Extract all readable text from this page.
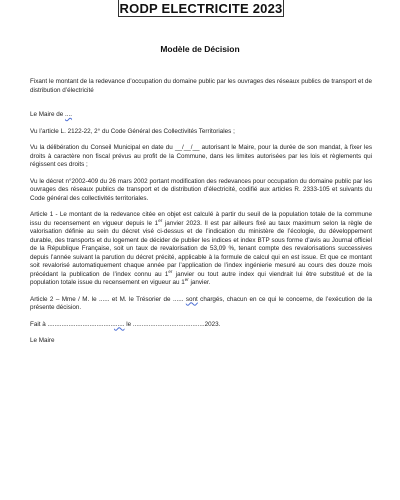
RODP ELECTRICITE 2023
Modèle de Décision

Fixant le montant de la redevance d’occupation du domaine public par les ouvrages des réseaux publics de transport et de distribution d’électricité

Le Maire de ....

Vu l’article L. 2122-22, 2° du Code Général des Collectivités Territoriales ;

Vu la délibération du Conseil Municipal en date du __/__/__ autorisant le Maire, pour la durée de son mandat, à fixer les droits à caractère non fiscal prévus au profit de la Commune, dans les limites autorisées par les lois et règlements qui régissent ces droits ;

Vu le décret n°2002-409 du 26 mars 2002 portant modification des redevances pour occupation du domaine public par les ouvrages des réseaux publics de transport et de distribution d’électricité, codifié aux articles R. 2333-105 et suivants du Code général des collectivités territoriales.

Article 1 - Le montant de la redevance citée en objet est calculé à partir du seuil de la population totale de la commune issu du recensement en vigueur depuis le 1er janvier 2023. Il est par ailleurs fixé au taux maximum selon la règle de valorisation définie au sein du décret visé ci-dessus et de l’indication du ministère de l’écologie, du développement durable, des transports et du logement de décider de publier les indices et index BTP sous forme d’avis au Journal officiel de la République Française, soit un taux de revalorisation de 53,09 %, tenant compte des revalorisations successives depuis l’année suivant la parution du décret précité, applicable à la formule de calcul qui en est issue. Et que ce montant soit revalorisé automatiquement chaque année par l’application de l’index ingénierie mesuré au cours des douze mois précédant la publication de l’index connu au 1er janvier ou tout autre index qui viendrait lui être substitué et de la population totale issue du recensement en vigueur au 1er janvier.

Article 2 – Mme / M. le ...... et M. le Trésorier de ...... sont chargés, chacun en ce qui le concerne, de l’exécution de la présente décision.

Fait à ............................................ le .........................................2023.

Le Maire
